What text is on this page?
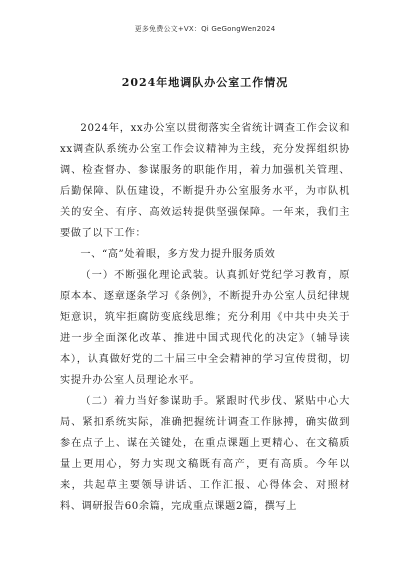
更多免费公文+VX：Qi GeGongWen2024
2024年地调队办公室工作情况

2024年，xx办公室以贯彻落实全省统计调查工作会议和xx调查队系统办公室工作会议精神为主线，充分发挥组织协调、检查督办、参谋服务的职能作用，着力加强机关管理、后勤保障、队伍建设，不断提升办公室服务水平，为市队机关的安全、有序、高效运转提供坚强保障。一年来，我们主要做了以下工作：

一、“高”处着眼，多方发力提升服务质效

（一）不断强化理论武装。认真抓好党纪学习教育，原原本本、逐章逐条学习《条例》，不断提升办公室人员纪律规矩意识，筑牢拒腐防变底线思维；充分利用《中共中央关于进一步全面深化改革、推进中国式现代化的决定》（辅导读本），认真做好党的二十届三中全会精神的学习宣传贯彻，切实提升办公室人员理论水平。

（二）着力当好参谋助手。紧跟时代步伐、紧贴中心大局、紧扣系统实际，准确把握统计调查工作脉搏，确实做到参在点子上、谋在关键处，在重点课题上更精心、在文稿质量上更用心，努力实现文稿既有高产，更有高质。今年以来，共起草主要领导讲话、工作汇报、心得体会、对照材料、调研报告60余篇，完成重点课题2篇，撰写上
